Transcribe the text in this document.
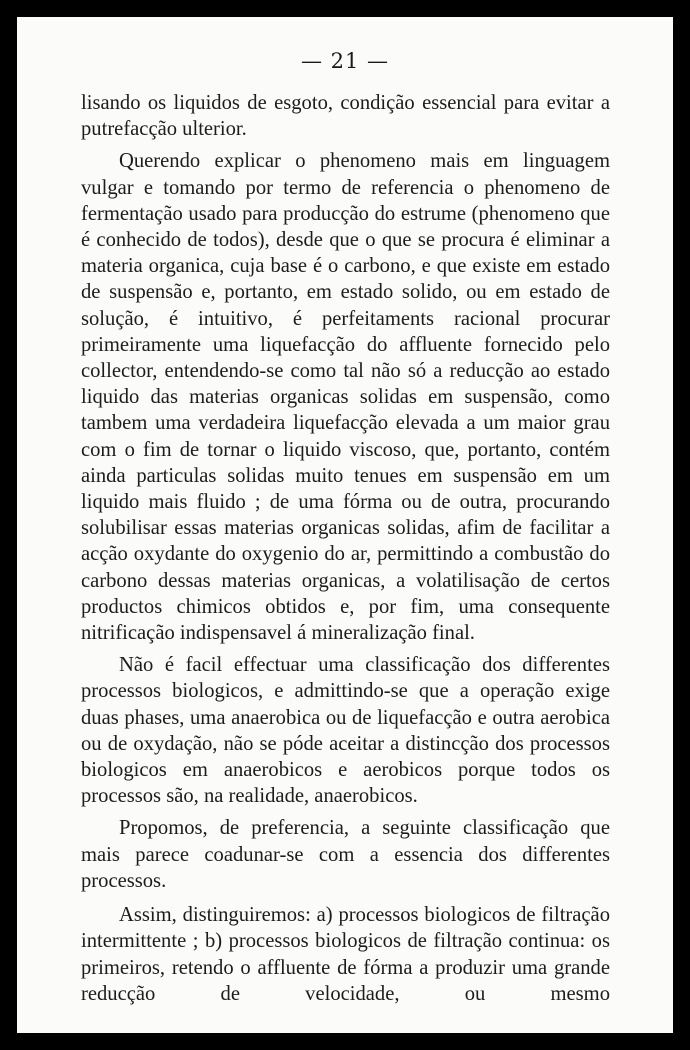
— 21 —

lisando os liquidos de esgoto, condição essencial para evitar a putrefacção ulterior.

Querendo explicar o phenomeno mais em linguagem vulgar e tomando por termo de referencia o phenomeno de fermentação usado para producção do estrume (phenomeno que é conhecido de todos), desde que o que se procura é eliminar a materia organica, cuja base é o carbono, e que existe em estado de suspensão e, portanto, em estado solido, ou em estado de solução, é intuitivo, é perfeitaments racional procurar primeiramente uma liquefacção do affluente fornecido pelo collector, entendendo-se como tal não só a reducção ao estado liquido das materias organicas solidas em suspensão, como tambem uma verdadeira liquefacção elevada a um maior grau com o fim de tornar o liquido viscoso, que, portanto, contém ainda particulas solidas muito tenues em suspensão em um liquido mais fluido ; de uma fórma ou de outra, procurando solubilisar essas materias organicas solidas, afim de facilitar a acção oxydante do oxygenio do ar, permittindo a combustão do carbono dessas materias organicas, a volatilisação de certos productos chimicos obtidos e, por fim, uma consequente nitrificação indispensavel á mineralização final.

Não é facil effectuar uma classificação dos differentes processos biologicos, e admittindo-se que a operação exige duas phases, uma anaerobica ou de liquefacção e outra aerobica ou de oxydação, não se póde aceitar a distincção dos processos biologicos em anaerobicos e aerobicos porque todos os processos são, na realidade, anaerobicos.

Propomos, de preferencia, a seguinte classificação que mais parece coadunar-se com a essencia dos differentes processos.

Assim, distinguiremos: a) processos biologicos de filtração intermittente ; b) processos biologicos de filtração continua: os primeiros, retendo o affluente de fórma a produzir uma grande reducção de velocidade, ou mesmo
